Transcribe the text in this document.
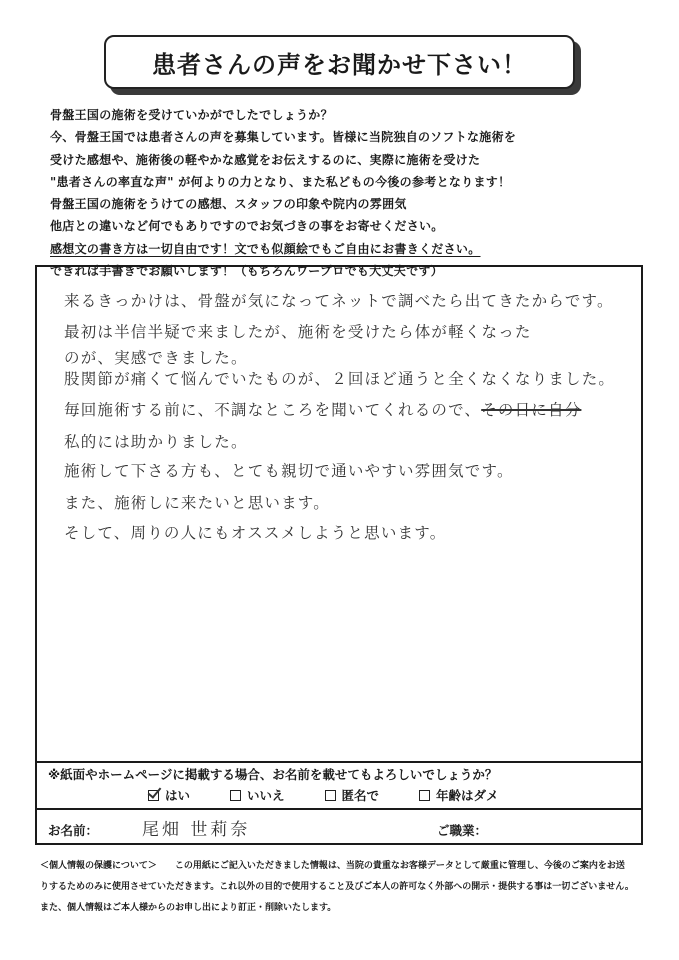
患者さんの声をお聞かせ下さい！
骨盤王国の施術を受けていかがでしたでしょうか？
今、骨盤王国では患者さんの声を募集しています。皆様に当院独自のソフトな施術を
受けた感想や、施術後の軽やかな感覚をお伝えするのに、実際に施術を受けた
"患者さんの率直な声" が何よりの力となり、また私どもの今後の参考となります！
骨盤王国の施術をうけての感想、スタッフの印象や院内の雰囲気
他店との違いなど何でもありですのでお気づきの事をお寄せください。
感想文の書き方は一切自由です！文でも似顔絵でもご自由にお書きください。
できれば手書きでお願いします！（もちろんワープロでも大丈夫です）
来るきっかけは、骨盤が気になってネットで調べたら出てきたからです。
最初は半信半疑で来ましたが、施術を受けたら体が軽くなった
のが、実感できました。
股関節が痛くて悩んでいたものが、２回ほど通うと全くなくなりました。
毎回施術する前に、不調なところを聞いてくれるので、その日に自分
私的には助かりました。
施術して下さる方も、とても親切で通いやすい雰囲気です。
また、施術しに来たいと思います。
そして、周りの人にもオススメしようと思います。
※紙面やホームページに掲載する場合、お名前を載せてもよろしいでしょうか？
はい	いいえ	匿名で	年齢はダメ
お名前：	尾畑 世莉奈	ご職業：
＜個人情報の保護について＞　　この用紙にご記入いただきました情報は、当院の貴重なお客様データとして厳重に管理し、今後のご案内をお送
りするためのみに使用させていただきます。これ以外の目的で使用すること及びご本人の許可なく外部への開示・提供する事は一切ございません。
また、個人情報はご本人様からのお申し出により訂正・削除いたします。
